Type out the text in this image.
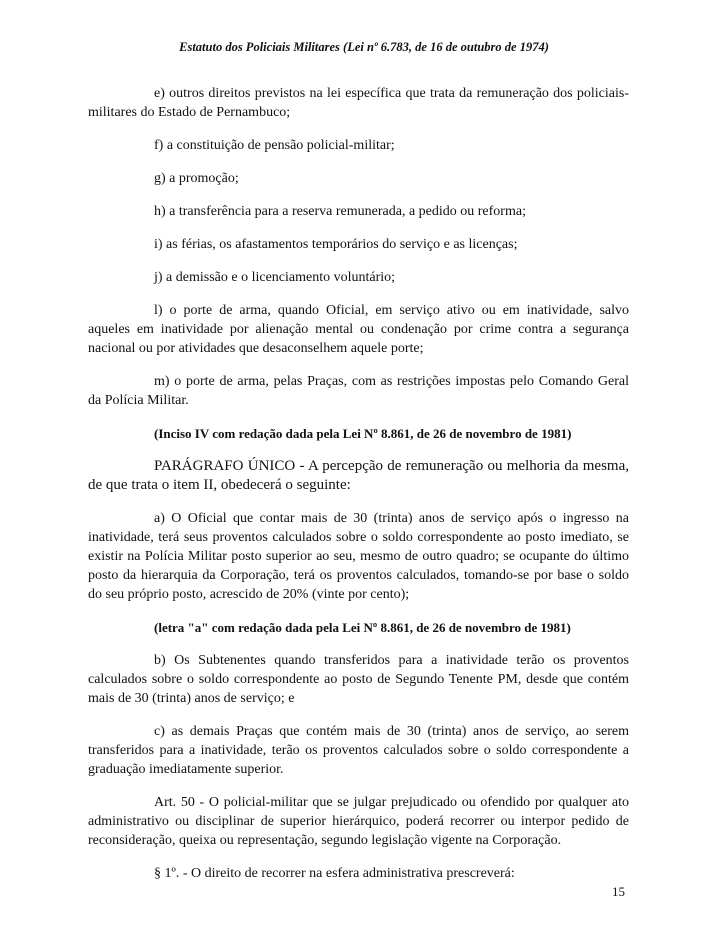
Estatuto dos Policiais Militares (Lei nº 6.783, de 16 de outubro de 1974)

e) outros direitos previstos na lei específica que trata da remuneração dos policiais-militares do Estado de Pernambuco;

f) a constituição de pensão policial-militar;

g) a promoção;

h) a transferência para a reserva remunerada, a pedido ou reforma;

i) as férias, os afastamentos temporários do serviço e as licenças;

j) a demissão e o licenciamento voluntário;

l) o porte de arma, quando Oficial, em serviço ativo ou em inatividade, salvo aqueles em inatividade por alienação mental ou condenação por crime contra a segurança nacional ou por atividades que desaconselhem aquele porte;

m) o porte de arma, pelas Praças, com as restrições impostas pelo Comando Geral da Polícia Militar.

(Inciso IV com redação dada pela Lei Nº 8.861, de 26 de novembro de 1981)

PARÁGRAFO ÚNICO - A percepção de remuneração ou melhoria da mesma, de que trata o item II, obedecerá o seguinte:

a) O Oficial que contar mais de 30 (trinta) anos de serviço após o ingresso na inatividade, terá seus proventos calculados sobre o soldo correspondente ao posto imediato, se existir na Polícia Militar posto superior ao seu, mesmo de outro quadro; se ocupante do último posto da hierarquia da Corporação, terá os proventos calculados, tomando-se por base o soldo do seu próprio posto, acrescido de 20% (vinte por cento);

(letra "a" com redação dada pela Lei Nº 8.861, de 26 de novembro de 1981)

b) Os Subtenentes quando transferidos para a inatividade terão os proventos calculados sobre o soldo correspondente ao posto de Segundo Tenente PM, desde que contém mais de 30 (trinta) anos de serviço; e

c) as demais Praças que contém mais de 30 (trinta) anos de serviço, ao serem transferidos para a inatividade, terão os proventos calculados sobre o soldo correspondente a graduação imediatamente superior.

Art. 50 - O policial-militar que se julgar prejudicado ou ofendido por qualquer ato administrativo ou disciplinar de superior hierárquico, poderá recorrer ou interpor pedido de reconsideração, queixa ou representação, segundo legislação vigente na Corporação.

§ 1º. - O direito de recorrer na esfera administrativa prescreverá:

15
